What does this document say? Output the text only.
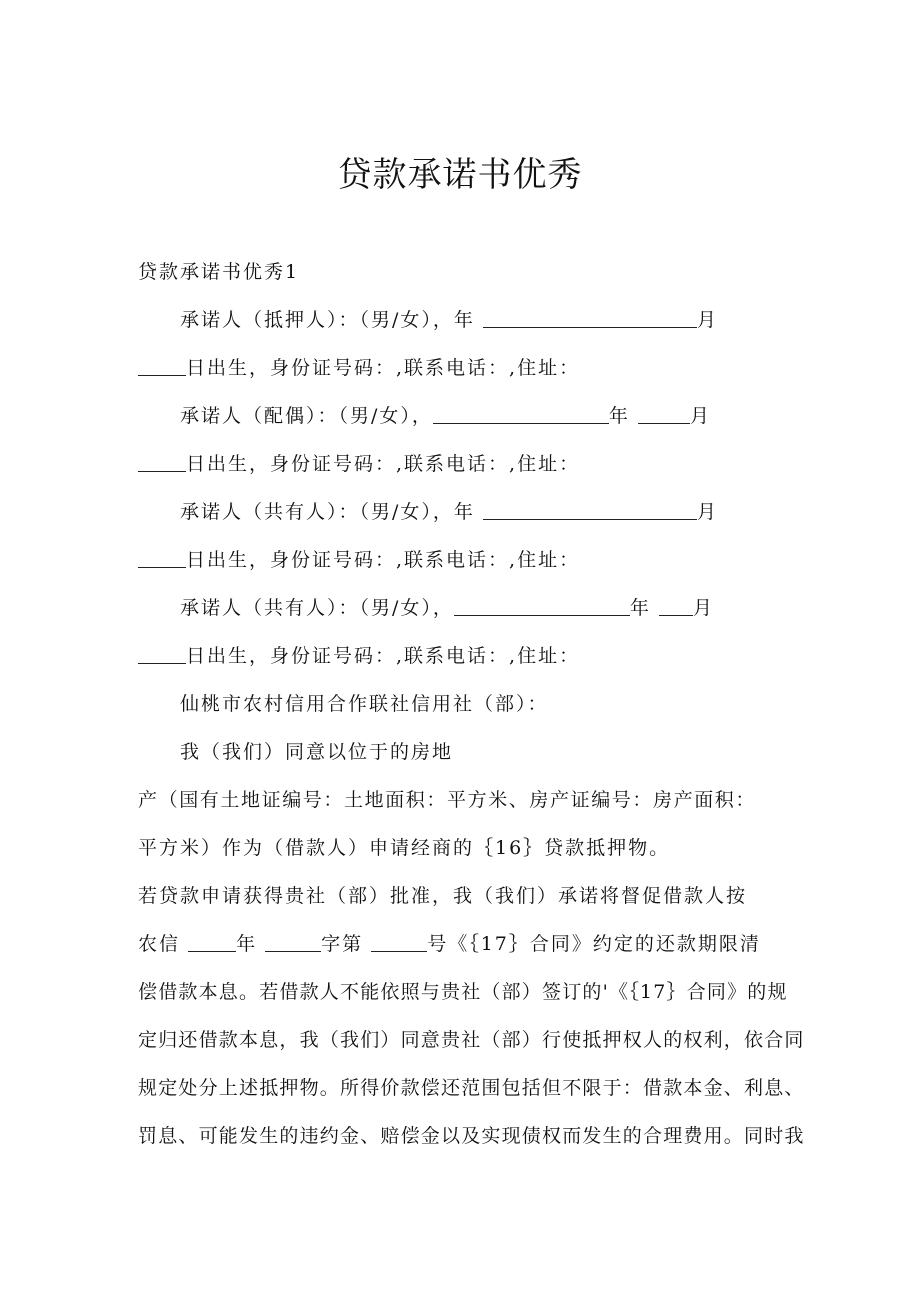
贷款承诺书优秀
贷款承诺书优秀1
承诺人（抵押人）：（男/女），年	月
日出生，身份证号码：,联系电话：,住址：
承诺人（配偶）：（男/女），	年	月
日出生，身份证号码：,联系电话：,住址：
承诺人（共有人）：（男/女），年	月
日出生，身份证号码：,联系电话：,住址：
承诺人（共有人）：（男/女），	年 月
日出生，身份证号码：,联系电话：,住址：
仙桃市农村信用合作联社信用社（部）：
我（我们）同意以位于的房地
产（国有土地证编号：土地面积：平方米、房产证编号：房产面积：
平方米）作为（借款人）申请经商的｛16｝贷款抵押物。
若贷款申请获得贵社（部）批准，我（我们）承诺将督促借款人按
农信	年	字第	号《｛17｝合同》约定的还款期限清
偿借款本息。若借款人不能依照与贵社（部）签订的'《｛17｝合同》的规
定归还借款本息，我（我们）同意贵社（部）行使抵押权人的权利，依合同
规定处分上述抵押物。所得价款偿还范围包括但不限于：借款本金、利息、
罚息、可能发生的违约金、赔偿金以及实现债权而发生的合理费用。同时我
